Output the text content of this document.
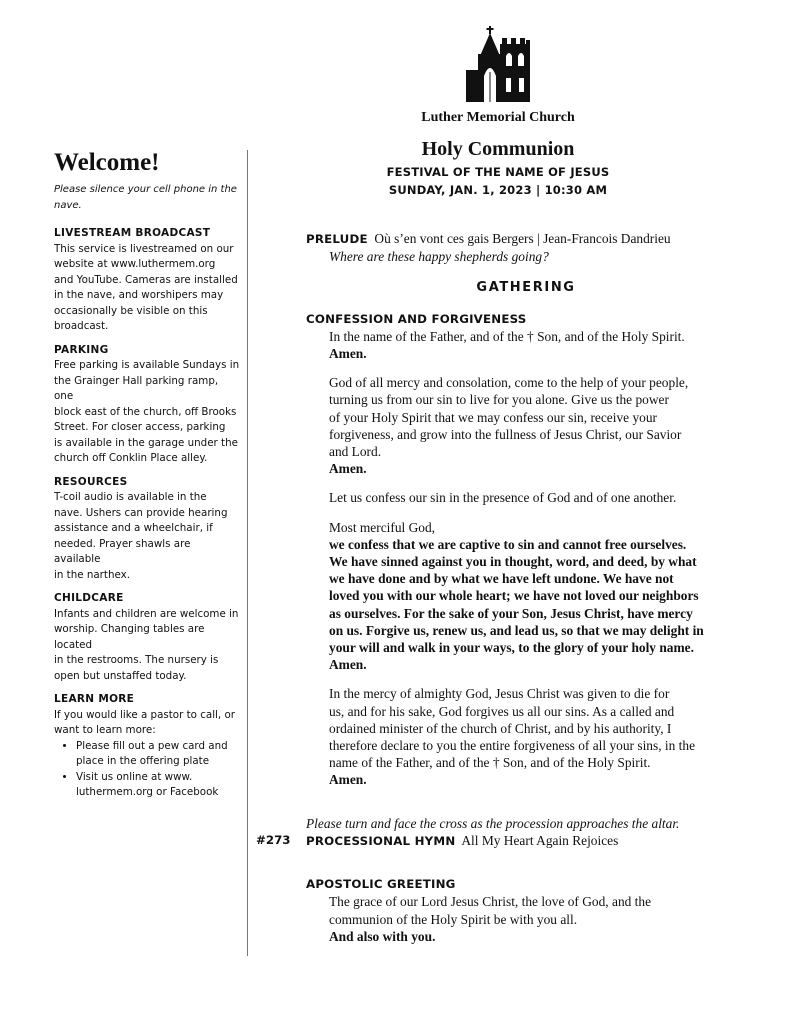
Luther Memorial Church
Holy Communion
FESTIVAL OF THE NAME OF JESUS
SUNDAY, JAN. 1, 2023 | 10:30 AM
Welcome!
Please silence your cell phone in the nave.
LIVESTREAM BROADCAST
This service is livestreamed on our
website at www.luthermem.org
and YouTube. Cameras are installed
in the nave, and worshipers may
occasionally be visible on this
broadcast.
PARKING
Free parking is available Sundays in
the Grainger Hall parking ramp, one
block east of the church, off Brooks
Street. For closer access, parking
is available in the garage under the
church off Conklin Place alley.
RESOURCES
T-coil audio is available in the
nave. Ushers can provide hearing
assistance and a wheelchair, if
needed. Prayer shawls are available
in the narthex.
CHILDCARE
Infants and children are welcome in
worship. Changing tables are located
in the restrooms. The nursery is
open but unstaffed today.
LEARN MORE
If you would like a pastor to call, or
want to learn more:
• Please fill out a pew card and
place in the offering plate
• Visit us online at www.
luthermem.org or Facebook
PRELUDE Où s’en vont ces gais Bergers | Jean-Francois Dandrieu
Where are these happy shepherds going?
GATHERING
CONFESSION AND FORGIVENESS
In the name of the Father, and of the † Son, and of the Holy Spirit.
Amen.
God of all mercy and consolation, come to the help of your people,
turning us from our sin to live for you alone. Give us the power
of your Holy Spirit that we may confess our sin, receive your
forgiveness, and grow into the fullness of Jesus Christ, our Savior
and Lord.
Amen.
Let us confess our sin in the presence of God and of one another.
Most merciful God,
we confess that we are captive to sin and cannot free ourselves.
We have sinned against you in thought, word, and deed, by what
we have done and by what we have left undone. We have not
loved you with our whole heart; we have not loved our neighbors
as ourselves. For the sake of your Son, Jesus Christ, have mercy
on us. Forgive us, renew us, and lead us, so that we may delight in
your will and walk in your ways, to the glory of your holy name.
Amen.
In the mercy of almighty God, Jesus Christ was given to die for
us, and for his sake, God forgives us all our sins. As a called and
ordained minister of the church of Christ, and by his authority, I
therefore declare to you the entire forgiveness of all your sins, in the
name of the Father, and of the † Son, and of the Holy Spirit.
Amen.
Please turn and face the cross as the procession approaches the altar.
#273 PROCESSIONAL HYMN All My Heart Again Rejoices
APOSTOLIC GREETING
The grace of our Lord Jesus Christ, the love of God, and the
communion of the Holy Spirit be with you all.
And also with you.
